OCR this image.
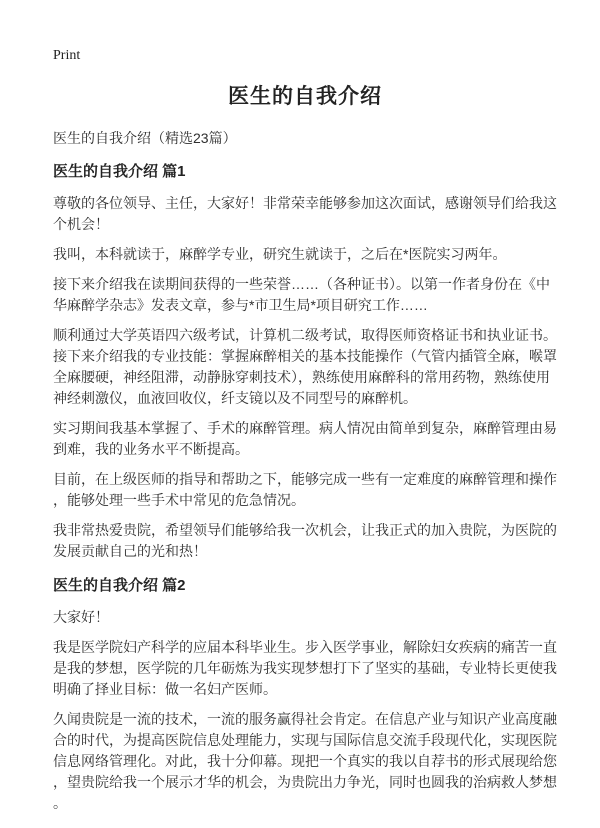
Print
医生的自我介绍
医生的自我介绍（精选23篇）
医生的自我介绍 篇1

尊敬的各位领导、主任，大家好！非常荣幸能够参加这次面试，感谢领导们给我这个机会！

我叫，本科就读于，麻醉学专业，研究生就读于，之后在*医院实习两年。

接下来介绍我在读期间获得的一些荣誉……（各种证书）。以第一作者身份在《中华麻醉学杂志》发表文章，参与*市卫生局*项目研究工作……

顺利通过大学英语四六级考试，计算机二级考试，取得医师资格证书和执业证书。接下来介绍我的专业技能：掌握麻醉相关的基本技能操作（气管内插管全麻，喉罩全麻腰硬，神经阻滞，动静脉穿刺技术），熟练使用麻醉科的常用药物，熟练使用神经刺激仪，血液回收仪，纤支镜以及不同型号的麻醉机。

实习期间我基本掌握了、手术的麻醉管理。病人情况由简单到复杂，麻醉管理由易到难，我的业务水平不断提高。

目前，在上级医师的指导和帮助之下，能够完成一些有一定难度的麻醉管理和操作，能够处理一些手术中常见的危急情况。

我非常热爱贵院，希望领导们能够给我一次机会，让我正式的加入贵院，为医院的发展贡献自己的光和热！

医生的自我介绍 篇2

大家好！

我是医学院妇产科学的应届本科毕业生。步入医学事业，解除妇女疾病的痛苦一直是我的梦想，医学院的几年砺炼为我实现梦想打下了坚实的基础，专业特长更使我明确了择业目标：做一名妇产医师。

久闻贵院是一流的技术，一流的服务赢得社会肯定。在信息产业与知识产业高度融合的时代，为提高医院信息处理能力，实现与国际信息交流手段现代化，实现医院信息网络管理化。对此，我十分仰幕。现把一个真实的我以自荐书的形式展现给您，望贵院给我一个展示才华的机会，为贵院出力争光，同时也圆我的治病救人梦想。
